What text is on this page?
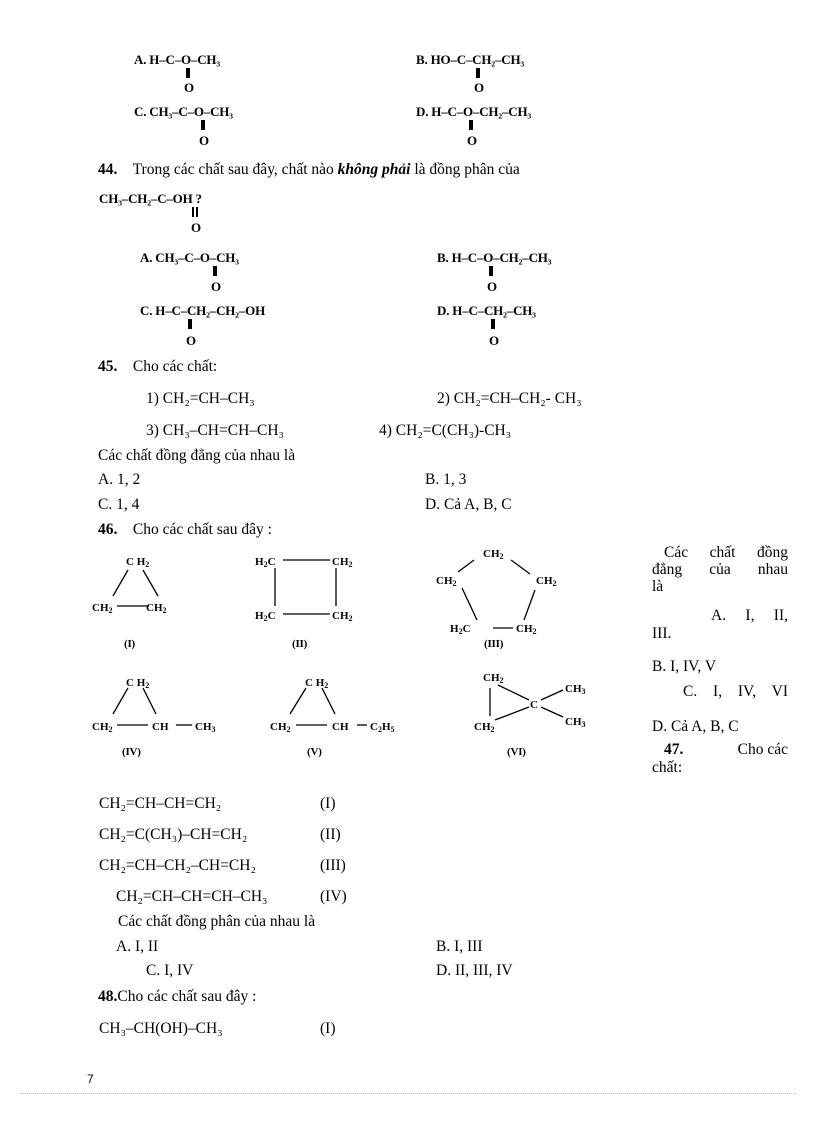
A. H–C–O–CH₃
O
B. HO–C–CH₂–CH₃
O
C. CH₃–C–O–CH₃
O
D. H–C–O–CH₂–CH₃
O
44. Trong các chất sau đây, chất nào không phải là đồng phân của
CH₃–CH₂–C–OH ?
O
A. CH₃–C–O–CH₃
O
B. H–C–O–CH₂–CH₃
O
C. H–C–CH₂–CH₂–OH
O
D. H–C–CH₂–CH₃
O
45. Cho các chất:
1) CH₂=CH–CH₃	2) CH₂=CH–CH₂- CH₃
3) CH₃–CH=CH–CH₃	4) CH₂=C(CH₃)-CH₃
Các chất đồng đẳng của nhau là
A. 1, 2	B. 1, 3
C. 1, 4	D. Cả A, B, C
46. Cho các chất sau đây :
C H2
CH2	CH2
H2C	CH2
H2C	CH2
CH2
CH2	CH2
H2C	CH2
C H2
CH2	CH CH3
C H2
CH2	CH C2H5
CH2
C
CH3
CH3
CH2
(I)	(II)	(III)
(IV)	(V)	(VI)
Các chất đồng
đẳng của nhau
là
A. I, II,
III.
B. I, IV, V
C. I, IV, VI
D. Cả A, B, C
47.	Cho các
chất:
CH₂=CH–CH=CH₂	(I)
CH₂=C(CH₃)–CH=CH₂	(II)
CH₂=CH–CH₂–CH=CH₂	(III)
CH₂=CH–CH=CH–CH₃	(IV)
Các chất đồng phân của nhau là
A. I, II	B. I, III
C. I, IV	D. II, III, IV
48.Cho các chất sau đây :
CH₃–CH(OH)–CH₃	(I)
7
